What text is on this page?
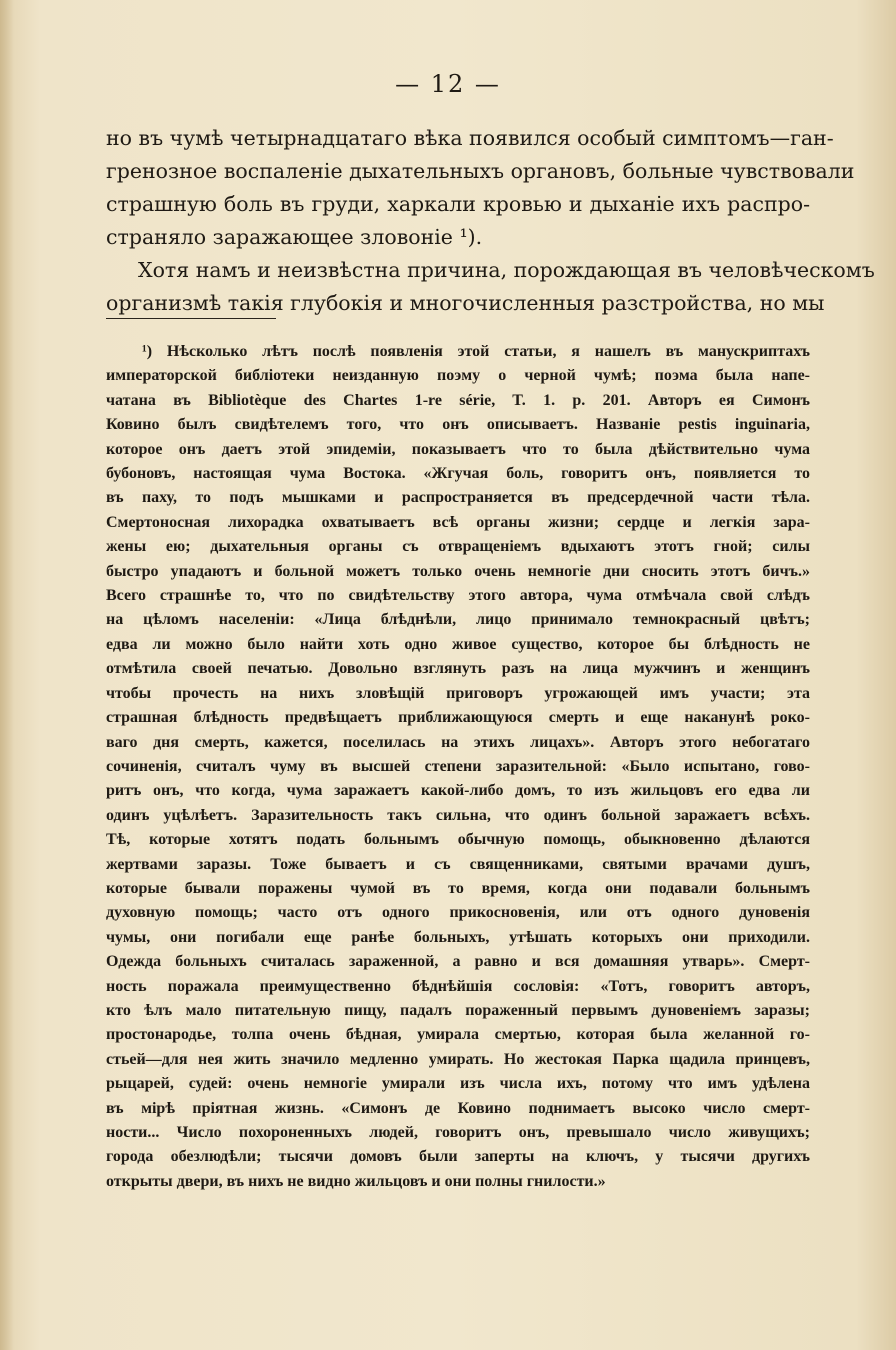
— 12 —
но въ чумѣ четырнадцатаго вѣка появился особый симптомъ—ган-
гренозное воспаленіе дыхательныхъ органовъ, больные чувствовали
страшную боль въ груди, харкали кровью и дыханіе ихъ распро-
страняло заражающее зловоніе ¹).
Хотя намъ и неизвѣстна причина, порождающая въ человѣческомъ
организмѣ такія глубокія и многочисленныя разстройства, но мы
¹) Нѣсколько лѣтъ послѣ появленія этой статьи, я нашелъ въ манускриптахъ
императорской библіотеки неизданную поэму о черной чумѣ; поэма была напе-
чатана въ Bibliotèque des Chartes 1-re série, T. 1. p. 201. Авторъ ея Симонъ
Ковино былъ свидѣтелемъ того, что онъ описываетъ. Названіе pestis inguinaria,
которое онъ даетъ этой эпидеміи, показываетъ что то была дѣйствительно чума
бубоновъ, настоящая чума Востока. «Жгучая боль, говоритъ онъ, появляется то
въ паху, то подъ мышками и распространяется въ предсердечной части тѣла.
Смертоносная лихорадка охватываетъ всѣ органы жизни; сердце и легкія зара-
жены ею; дыхательныя органы съ отвращеніемъ вдыхаютъ этотъ гной; силы
быстро упадаютъ и больной можетъ только очень немногіе дни сносить этотъ бичъ.»
Всего страшнѣе то, что по свидѣтельству этого автора, чума отмѣчала свой слѣдъ
на цѣломъ населеніи: «Лица блѣднѣли, лицо принимало темнокрасный цвѣтъ;
едва ли можно было найти хоть одно живое существо, которое бы блѣдность не
отмѣтила своей печатью. Довольно взглянуть разъ на лица мужчинъ и женщинъ
чтобы прочесть на нихъ зловѣщій приговоръ угрожающей имъ участи; эта
страшная блѣдность предвѣщаетъ приближающуюся смерть и еще наканунѣ роко-
ваго дня смерть, кажется, поселилась на этихъ лицахъ». Авторъ этого небогатаго
сочиненія, считалъ чуму въ высшей степени заразительной: «Было испытано, гово-
ритъ онъ, что когда, чума заражаетъ какой-либо домъ, то изъ жильцовъ его едва ли
одинъ уцѣлѣетъ. Заразительность такъ сильна, что одинъ больной заражаетъ всѣхъ.
Тѣ, которые хотятъ подать больнымъ обычную помощь, обыкновенно дѣлаются
жертвами заразы. Тоже бываетъ и съ священниками, святыми врачами душъ,
которые бывали поражены чумой въ то время, когда они подавали больнымъ
духовную помощь; часто отъ одного прикосновенія, или отъ одного дуновенія
чумы, они погибали еще ранѣе больныхъ, утѣшать которыхъ они приходили.
Одежда больныхъ считалась зараженной, а равно и вся домашняя утварь». Смерт-
ность поражала преимущественно бѣднѣйшія сословія: «Тотъ, говоритъ авторъ,
кто ѣлъ мало питательную пищу, падалъ пораженный первымъ дуновеніемъ заразы;
простонародье, толпа очень бѣдная, умирала смертью, которая была желанной го-
стьей—для нея жить значило медленно умирать. Но жестокая Парка щадила принцевъ,
рыцарей, судей: очень немногіе умирали изъ числа ихъ, потому что имъ удѣлена
въ мірѣ пріятная жизнь. «Симонъ де Ковино поднимаетъ высоко число смерт-
ности... Число похороненныхъ людей, говоритъ онъ, превышало число живущихъ;
города обезлюдѣли; тысячи домовъ были заперты на ключъ, у тысячи другихъ
открыты двери, въ нихъ не видно жильцовъ и они полны гнилости.»
